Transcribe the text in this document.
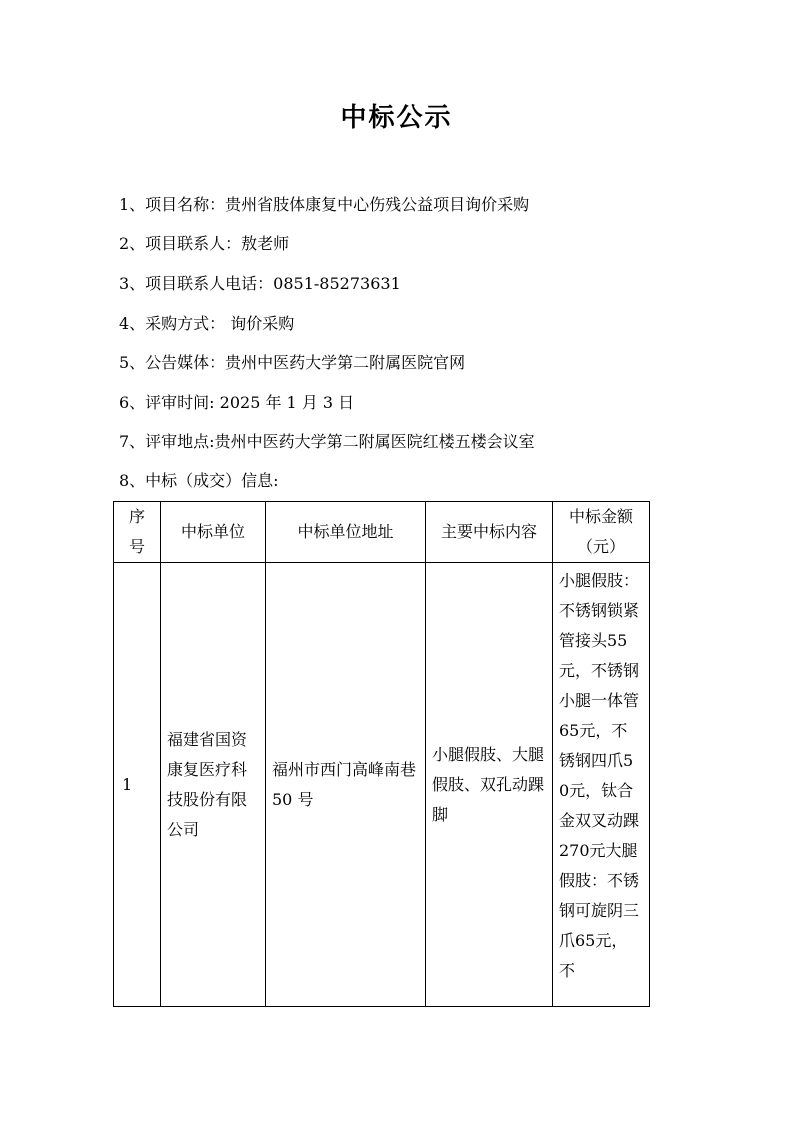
中标公示
1、项目名称：贵州省肢体康复中心伤残公益项目询价采购
2、项目联系人：敖老师
3、项目联系人电话：0851-85273631
4、采购方式： 询价采购
5、公告媒体：贵州中医药大学第二附属医院官网
6、评审时间: 2025 年 1 月 3 日
7、评审地点:贵州中医药大学第二附属医院红楼五楼会议室
8、中标（成交）信息:
序号	中标单位	中标单位地址	主要中标内容	中标金额（元）

1	福建省国资康复医疗科技股份有限公司	福州市西门高峰南巷 50 号	小腿假肢、大腿假肢、双孔动踝脚	小腿假肢：不锈钢锁紧管接头55元，不锈钢小腿一体管65元，不锈钢四爪50元，钛合金双叉动踝270元大腿假肢：不锈钢可旋阴三爪65元，不
